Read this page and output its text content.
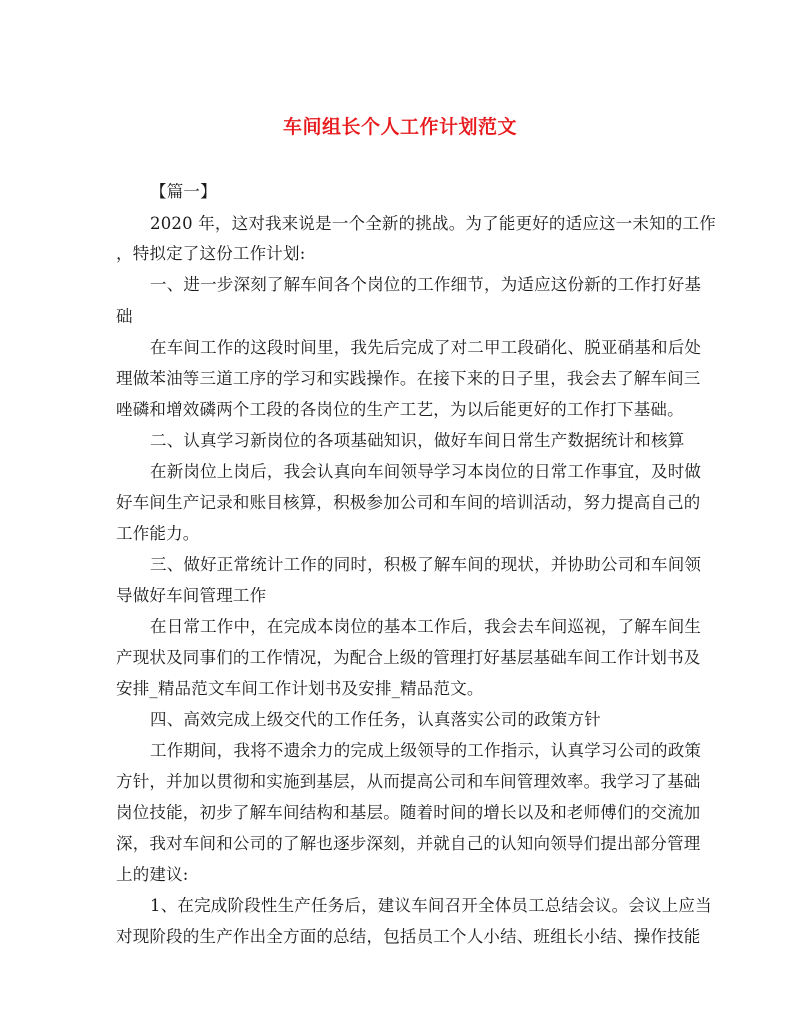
车间组长个人工作计划范文
【篇一】
2020 年，这对我来说是一个全新的挑战。为了能更好的适应这一未知的工作
，特拟定了这份工作计划:
一、进一步深刻了解车间各个岗位的工作细节，为适应这份新的工作打好基
础
在车间工作的这段时间里，我先后完成了对二甲工段硝化、脱亚硝基和后处
理做苯油等三道工序的学习和实践操作。在接下来的日子里，我会去了解车间三
唑磷和增效磷两个工段的各岗位的生产工艺，为以后能更好的工作打下基础。
二、认真学习新岗位的各项基础知识，做好车间日常生产数据统计和核算
在新岗位上岗后，我会认真向车间领导学习本岗位的日常工作事宜，及时做
好车间生产记录和账目核算，积极参加公司和车间的培训活动，努力提高自己的
工作能力。
三、做好正常统计工作的同时，积极了解车间的现状，并协助公司和车间领
导做好车间管理工作
在日常工作中，在完成本岗位的基本工作后，我会去车间巡视，了解车间生
产现状及同事们的工作情况，为配合上级的管理打好基层基础车间工作计划书及
安排_精品范文车间工作计划书及安排_精品范文。
四、高效完成上级交代的工作任务，认真落实公司的政策方针
工作期间，我将不遗余力的完成上级领导的工作指示，认真学习公司的政策
方针，并加以贯彻和实施到基层，从而提高公司和车间管理效率。我学习了基础
岗位技能，初步了解车间结构和基层。随着时间的增长以及和老师傅们的交流加
深，我对车间和公司的了解也逐步深刻，并就自己的认知向领导们提出部分管理
上的建议:
1、在完成阶段性生产任务后，建议车间召开全体员工总结会议。会议上应当
对现阶段的生产作出全方面的总结，包括员工个人小结、班组长小结、操作技能
